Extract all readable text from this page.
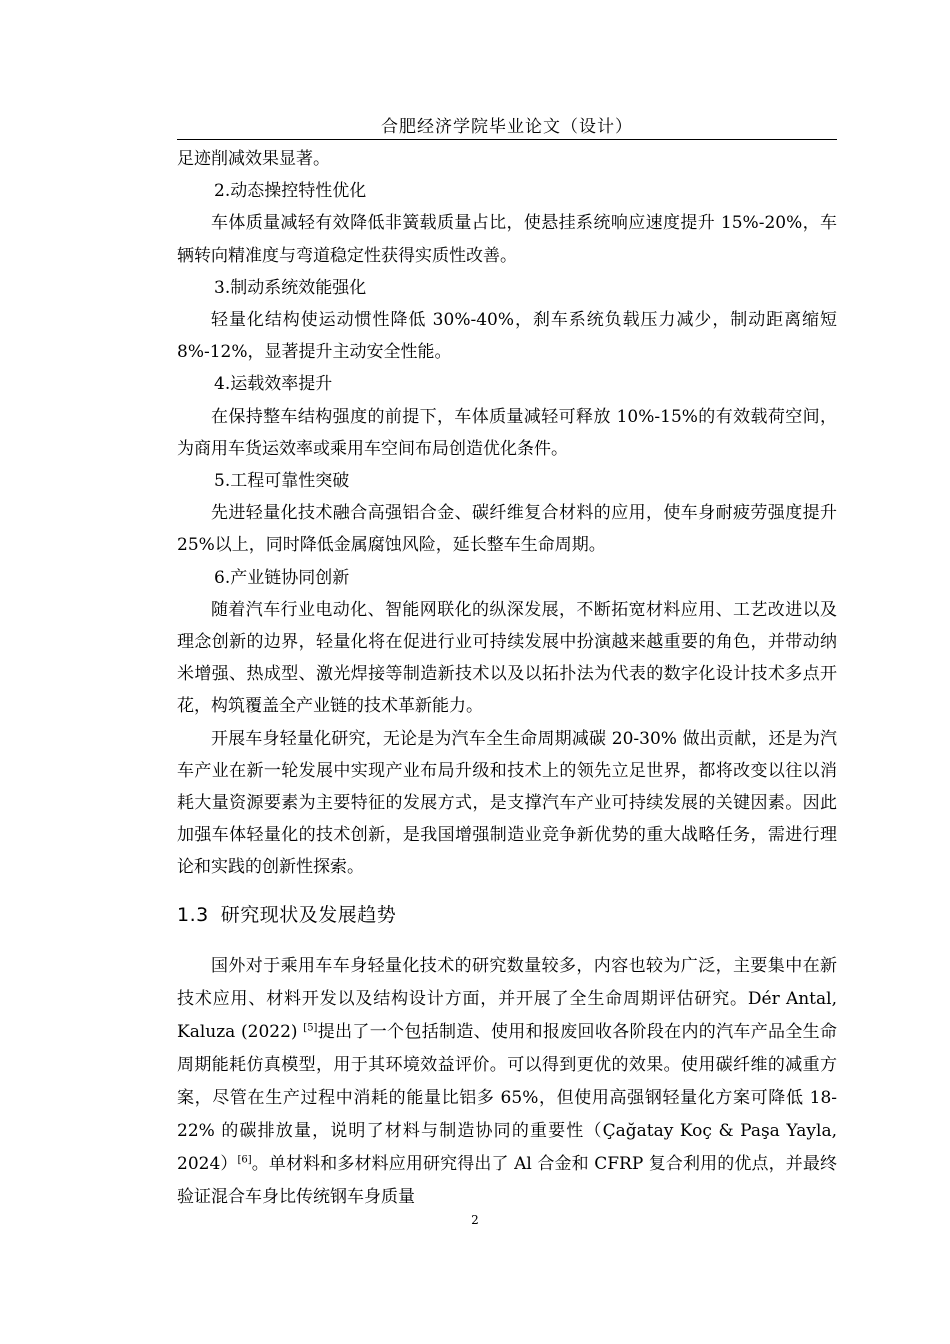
合肥经济学院毕业论文（设计）

足迹削减效果显著。

2.动态操控特性优化

车体质量减轻有效降低非簧载质量占比，使悬挂系统响应速度提升 15%-20%，车辆转向精准度与弯道稳定性获得实质性改善。

3.制动系统效能强化

轻量化结构使运动惯性降低 30%-40%，刹车系统负载压力减少，制动距离缩短 8%-12%，显著提升主动安全性能。

4.运载效率提升

在保持整车结构强度的前提下，车体质量减轻可释放 10%-15%的有效载荷空间，为商用车货运效率或乘用车空间布局创造优化条件。

5.工程可靠性突破

先进轻量化技术融合高强铝合金、碳纤维复合材料的应用，使车身耐疲劳强度提升 25%以上，同时降低金属腐蚀风险，延长整车生命周期。

6.产业链协同创新

随着汽车行业电动化、智能网联化的纵深发展，不断拓宽材料应用、工艺改进以及理念创新的边界，轻量化将在促进行业可持续发展中扮演越来越重要的角色，并带动纳米增强、热成型、激光焊接等制造新技术以及以拓扑法为代表的数字化设计技术多点开花，构筑覆盖全产业链的技术革新能力。

开展车身轻量化研究，无论是为汽车全生命周期减碳 20-30% 做出贡献，还是为汽车产业在新一轮发展中实现产业布局升级和技术上的领先立足世界，都将改变以往以消耗大量资源要素为主要特征的发展方式，是支撑汽车产业可持续发展的关键因素。因此加强车体轻量化的技术创新，是我国增强制造业竞争新优势的重大战略任务，需进行理论和实践的创新性探索。

1.3 研究现状及发展趋势

国外对于乘用车车身轻量化技术的研究数量较多，内容也较为广泛，主要集中在新技术应用、材料开发以及结构设计方面，并开展了全生命周期评估研究。Dér Antal, Kaluza (2022) [5]提出了一个包括制造、使用和报废回收各阶段在内的汽车产品全生命周期能耗仿真模型，用于其环境效益评价。可以得到更优的效果。使用碳纤维的减重方案，尽管在生产过程中消耗的能量比铝多 65%，但使用高强钢轻量化方案可降低 18-22% 的碳排放量，说明了材料与制造协同的重要性（Çağatay Koç & Paşa Yayla, 2024）[6]。单材料和多材料应用研究得出了 Al 合金和 CFRP 复合利用的优点，并最终验证混合车身比传统钢车身质量

2
